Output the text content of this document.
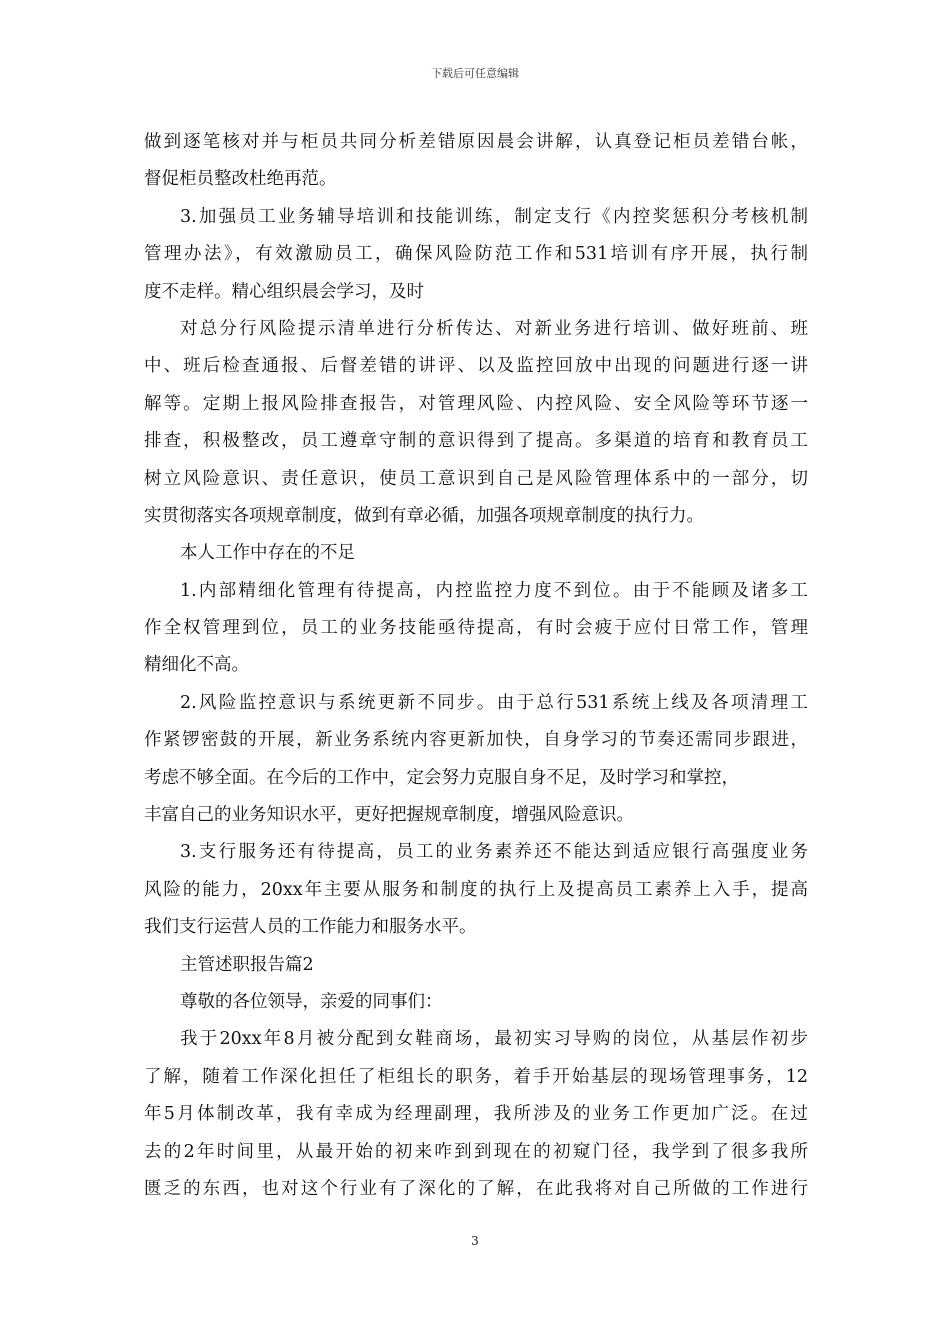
下载后可任意编辑
做到逐笔核对并与柜员共同分析差错原因晨会讲解，认真登记柜员差错台帐，
督促柜员整改杜绝再范。
3.加强员工业务辅导培训和技能训练，制定支行《内控奖惩积分考核机制
管理办法》，有效激励员工，确保风险防范工作和531培训有序开展，执行制
度不走样。精心组织晨会学习，及时
对总分行风险提示清单进行分析传达、对新业务进行培训、做好班前、班
中、班后检查通报、后督差错的讲评、以及监控回放中出现的问题进行逐一讲
解等。定期上报风险排查报告，对管理风险、内控风险、安全风险等环节逐一
排查，积极整改，员工遵章守制的意识得到了提高。多渠道的培育和教育员工
树立风险意识、责任意识，使员工意识到自己是风险管理体系中的一部分，切
实贯彻落实各项规章制度，做到有章必循，加强各项规章制度的执行力。
本人工作中存在的不足
1.内部精细化管理有待提高，内控监控力度不到位。由于不能顾及诸多工
作全权管理到位，员工的业务技能亟待提高，有时会疲于应付日常工作，管理
精细化不高。
2.风险监控意识与系统更新不同步。由于总行531系统上线及各项清理工
作紧锣密鼓的开展，新业务系统内容更新加快，自身学习的节奏还需同步跟进，
考虑不够全面。在今后的工作中，定会努力克服自身不足，及时学习和掌控，
丰富自己的业务知识水平，更好把握规章制度，增强风险意识。
3.支行服务还有待提高，员工的业务素养还不能达到适应银行高强度业务
风险的能力，20xx年主要从服务和制度的执行上及提高员工素养上入手，提高
我们支行运营人员的工作能力和服务水平。
主管述职报告篇2
尊敬的各位领导，亲爱的同事们：
我于20xx年8月被分配到女鞋商场，最初实习导购的岗位，从基层作初步
了解，随着工作深化担任了柜组长的职务，着手开始基层的现场管理事务，12
年5月体制改革，我有幸成为经理副理，我所涉及的业务工作更加广泛。在过
去的2年时间里，从最开始的初来咋到到现在的初窥门径，我学到了很多我所
匮乏的东西，也对这个行业有了深化的了解，在此我将对自己所做的工作进行
3
